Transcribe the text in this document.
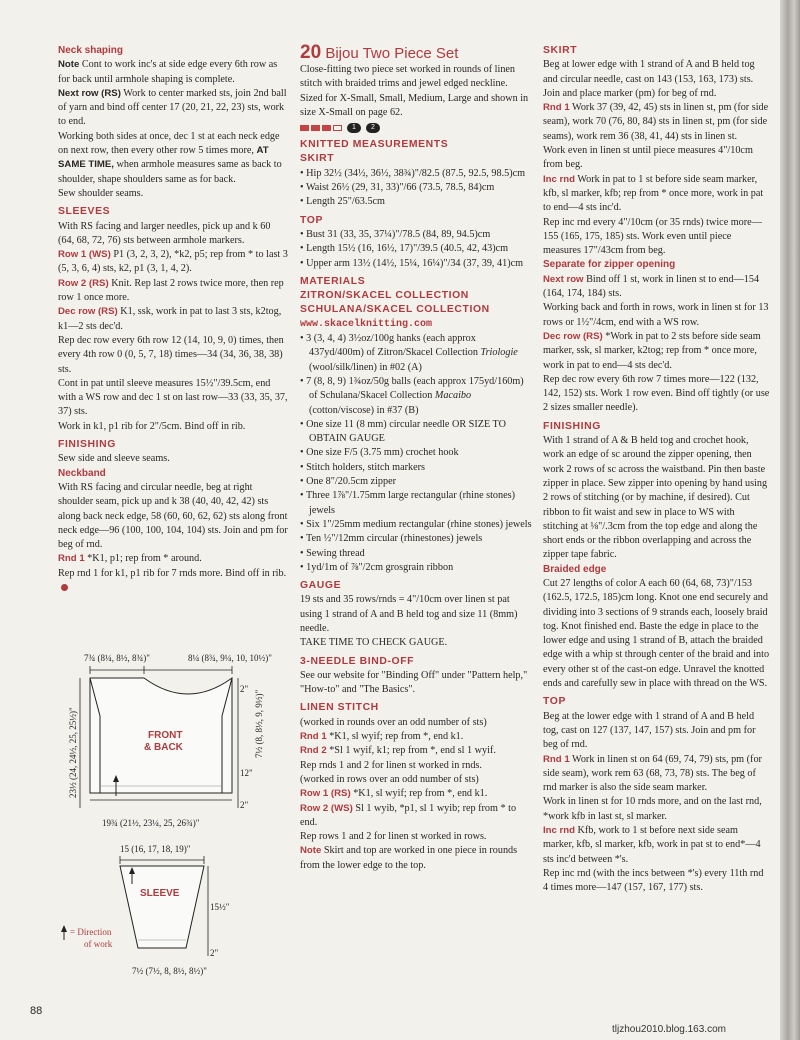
Neck shaping

Note Cont to work inc's at side edge every 6th row as for back until armhole shaping is complete.

Next row (RS) Work to center marked sts, join 2nd ball of yarn and bind off center 17 (20, 21, 22, 23) sts, work to end.

Working both sides at once, dec 1 st at each neck edge on next row, then every other row 5 times more, AT SAME TIME, when armhole measures same as back to shoulder, shape shoulders same as for back.

Sew shoulder seams.

SLEEVES

With RS facing and larger needles, pick up and k 60 (64, 68, 72, 76) sts between armhole markers.

Row 1 (WS) P1 (3, 2, 3, 2), *k2, p5; rep from * to last 3 (5, 3, 6, 4) sts, k2, p1 (3, 1, 4, 2).

Row 2 (RS) Knit. Rep last 2 rows twice more, then rep row 1 once more.

Dec row (RS) K1, ssk, work in pat to last 3 sts, k2tog, k1—2 sts dec'd.

Rep dec row every 6th row 12 (14, 10, 9, 0) times, then every 4th row 0 (0, 5, 7, 18) times—34 (34, 36, 38, 38) sts.

Cont in pat until sleeve measures 15½"/39.5cm, end with a WS row and dec 1 st on last row—33 (33, 35, 37, 37) sts.

Work in k1, p1 rib for 2"/5cm. Bind off in rib.

FINISHING

Sew side and sleeve seams.

Neckband

With RS facing and circular needle, beg at right shoulder seam, pick up and k 38 (40, 40, 42, 42) sts along back neck edge, 58 (60, 60, 62, 62) sts along front neck edge—96 (100, 100, 104, 104) sts. Join and pm for beg of rnd.

Rnd 1 *K1, p1; rep from * around.

Rep rnd 1 for k1, p1 rib for 7 rnds more. Bind off in rib.

7¾ (8¼, 8½, 8¾)"	8¼ (8¾, 9¼, 10, 10½)"
FRONT
& BACK
23½ (24, 24½, 25, 25½)"
2"
7½ (8, 8½, 9, 9½)"
12"
2"
19¾ (21½, 23¼, 25, 26¾)"
15 (16, 17, 18, 19)"
SLEEVE
15½"
2"
7½ (7½, 8, 8½, 8½)"
= Direction
of work
20 Bijou Two Piece Set

Close-fitting two piece set worked in rounds of linen stitch with braided trims and jewel edged neckline. Sized for X-Small, Small, Medium, Large and shown in size X-Small on page 62.

1	2
KNITTED MEASUREMENTS
SKIRT

• Hip 32½ (34½, 36½, 38¾)"/82.5 (87.5, 92.5, 98.5)cm

• Waist 26½ (29, 31, 33)"/66 (73.5, 78.5, 84)cm

• Length 25"/63.5cm

TOP

• Bust 31 (33, 35, 37¼)"/78.5 (84, 89, 94.5)cm

• Length 15½ (16, 16½, 17)"/39.5 (40.5, 42, 43)cm

• Upper arm 13½ (14½, 15¼, 16¼)"/34 (37, 39, 41)cm

MATERIALS
ZITRON/SKACEL COLLECTION
SCHULANA/SKACEL COLLECTION
www.skacelknitting.com

• 3 (3, 4, 4) 3½oz/100g hanks (each approx 437yd/400m) of Zitron/Skacel Collection Triologie (wool/silk/linen) in #02 (A)

• 7 (8, 8, 9) 1¾oz/50g balls (each approx 175yd/160m) of Schulana/Skacel Collection Macaibo (cotton/viscose) in #37 (B)

• One size 11 (8 mm) circular needle OR SIZE TO OBTAIN GAUGE

• One size F/5 (3.75 mm) crochet hook

• Stitch holders, stitch markers

• One 8"/20.5cm zipper

• Three 1⅞"/1.75mm large rectangular (rhine stones) jewels

• Six 1"/25mm medium rectangular (rhine stones) jewels

• Ten ½"/12mm circular (rhinestones) jewels

• Sewing thread

• 1yd/1m of ⅞"/2cm grosgrain ribbon

GAUGE

19 sts and 35 rows/rnds = 4"/10cm over linen st pat using 1 strand of A and B held tog and size 11 (8mm) needle.

TAKE TIME TO CHECK GAUGE.

3-NEEDLE BIND-OFF

See our website for "Binding Off" under "Pattern help," "How-to" and "The Basics".

LINEN STITCH

(worked in rounds over an odd number of sts)

Rnd 1 *K1, sl wyif; rep from *, end k1.

Rnd 2 *Sl 1 wyif, k1; rep from *, end sl 1 wyif.

Rep rnds 1 and 2 for linen st worked in rnds.

(worked in rows over an odd number of sts)

Row 1 (RS) *K1, sl wyif; rep from *, end k1.

Row 2 (WS) Sl 1 wyib, *p1, sl 1 wyib; rep from * to end.

Rep rows 1 and 2 for linen st worked in rows.

Note Skirt and top are worked in one piece in rounds from the lower edge to the top.

SKIRT

Beg at lower edge with 1 strand of A and B held tog and circular needle, cast on 143 (153, 163, 173) sts. Join and place marker (pm) for beg of rnd.

Rnd 1 Work 37 (39, 42, 45) sts in linen st, pm (for side seam), work 70 (76, 80, 84) sts in linen st, pm (for side seams), work rem 36 (38, 41, 44) sts in linen st.

Work even in linen st until piece measures 4"/10cm from beg.

Inc rnd Work in pat to 1 st before side seam marker, kfb, sl marker, kfb; rep from * once more, work in pat to end—4 sts inc'd.

Rep inc rnd every 4"/10cm (or 35 rnds) twice more—155 (165, 175, 185) sts. Work even until piece measures 17"/43cm from beg.

Separate for zipper opening

Next row Bind off 1 st, work in linen st to end—154 (164, 174, 184) sts.

Working back and forth in rows, work in linen st for 13 rows or 1½"/4cm, end with a WS row.

Dec row (RS) *Work in pat to 2 sts before side seam marker, ssk, sl marker, k2tog; rep from * once more, work in pat to end—4 sts dec'd.

Rep dec row every 6th row 7 times more—122 (132, 142, 152) sts. Work 1 row even. Bind off tightly (or use 2 sizes smaller needle).

FINISHING

With 1 strand of A & B held tog and crochet hook, work an edge of sc around the zipper opening, then work 2 rows of sc across the waistband. Pin then baste zipper in place. Sew zipper into opening by hand using 2 rows of stitching (or by machine, if desired). Cut ribbon to fit waist and sew in place to WS with stitching at ⅛"/.3cm from the top edge and along the short ends or the ribbon overlapping and across the zipper tape fabric.

Braided edge

Cut 27 lengths of color A each 60 (64, 68, 73)"/153 (162.5, 172.5, 185)cm long. Knot one end securely and dividing into 3 sections of 9 strands each, loosely braid tog. Knot finished end. Baste the edge in place to the lower edge and using 1 strand of B, attach the braided edge with a whip st through center of the braid and into every other st of the cast-on edge. Unravel the knotted ends and carefully sew in place with thread on the WS.

TOP

Beg at the lower edge with 1 strand of A and B held tog, cast on 127 (137, 147, 157) sts. Join and pm for beg of rnd.

Rnd 1 Work in linen st on 64 (69, 74, 79) sts, pm (for side seam), work rem 63 (68, 73, 78) sts. The beg of rnd marker is also the side seam marker.

Work in linen st for 10 rnds more, and on the last rnd, *work kfb in last st, sl marker.

Inc rnd Kfb, work to 1 st before next side seam marker, kfb, sl marker, kfb, work in pat st to end*—4 sts inc'd between *'s.

Rep inc rnd (with the incs between *'s) every 11th rnd 4 times more—147 (157, 167, 177) sts.

88
tljzhou2010.blog.163.com
